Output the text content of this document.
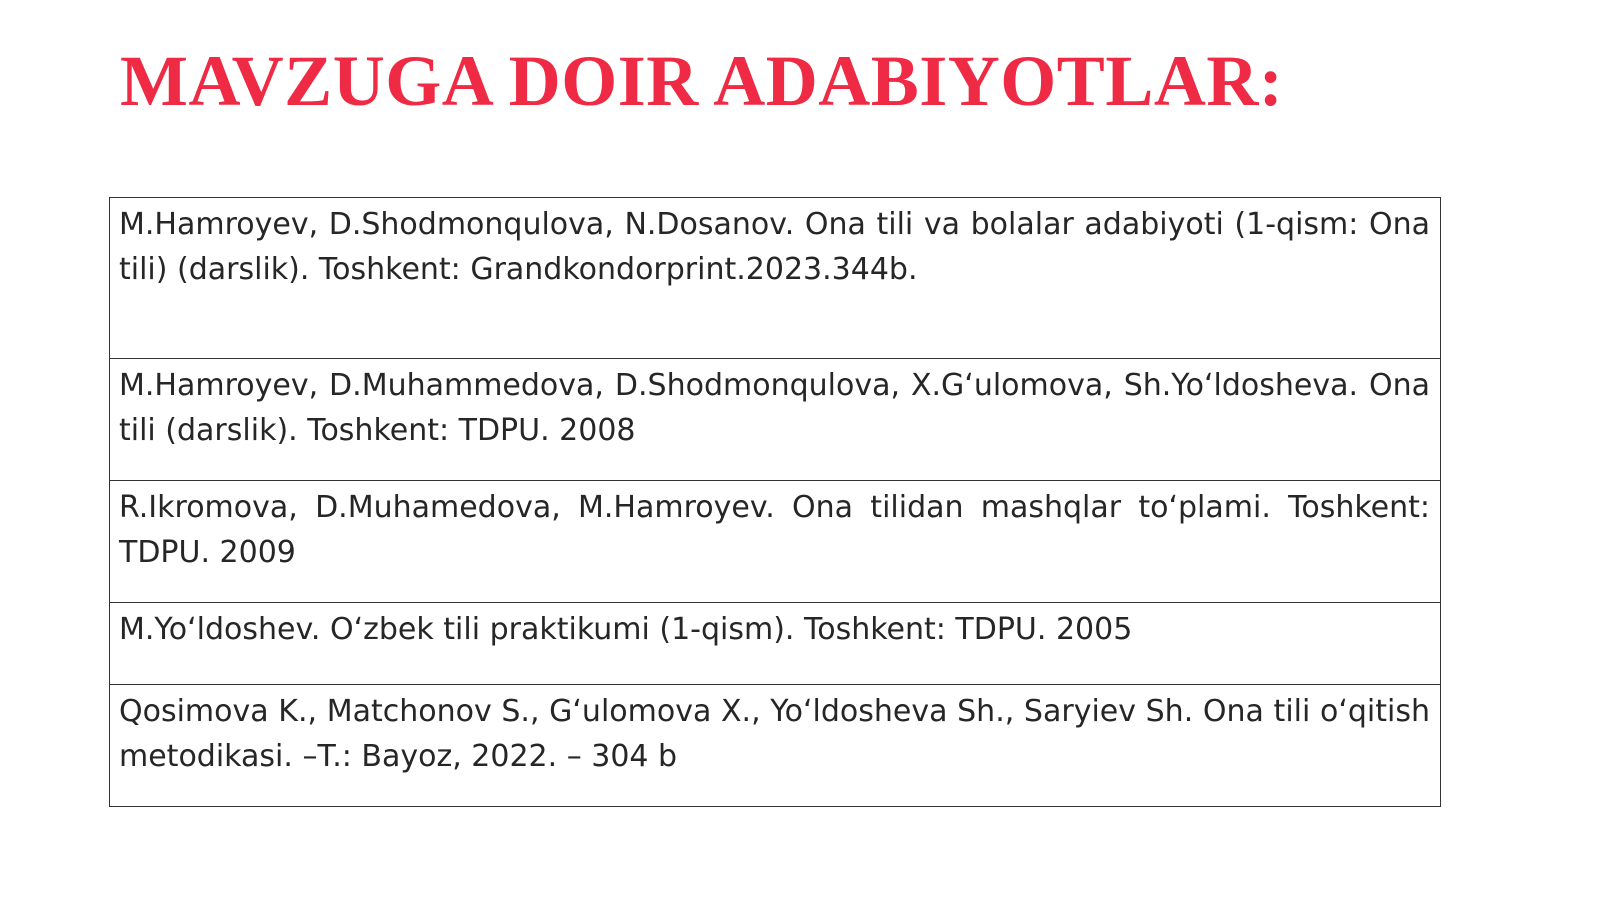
MAVZUGA DOIR ADABIYOTLAR:
M.Hamroyev, D.Shodmonqulova, N.Dosanov. Ona tili va bolalar adabiyoti (1-qism: Ona tili) (darslik). Toshkent: Grandkondorprint.2023.344b.
M.Hamroyev, D.Muhammedova, D.Shodmonqulova, X.G‘ulomova, Sh.Yo‘ldosheva. Ona tili (darslik). Toshkent: TDPU. 2008
R.Ikromova, D.Muhamedova, M.Hamroyev. Ona tilidan mashqlar to‘plami. Toshkent: TDPU. 2009
M.Yo‘ldoshev. O‘zbek tili praktikumi (1-qism). Toshkent: TDPU. 2005
Qosimova K., Matchonov S., G‘ulomova X., Yo‘ldosheva Sh., Saryiev Sh. Ona tili o‘qitish metodikasi. –T.: Bayoz, 2022. – 304 b
